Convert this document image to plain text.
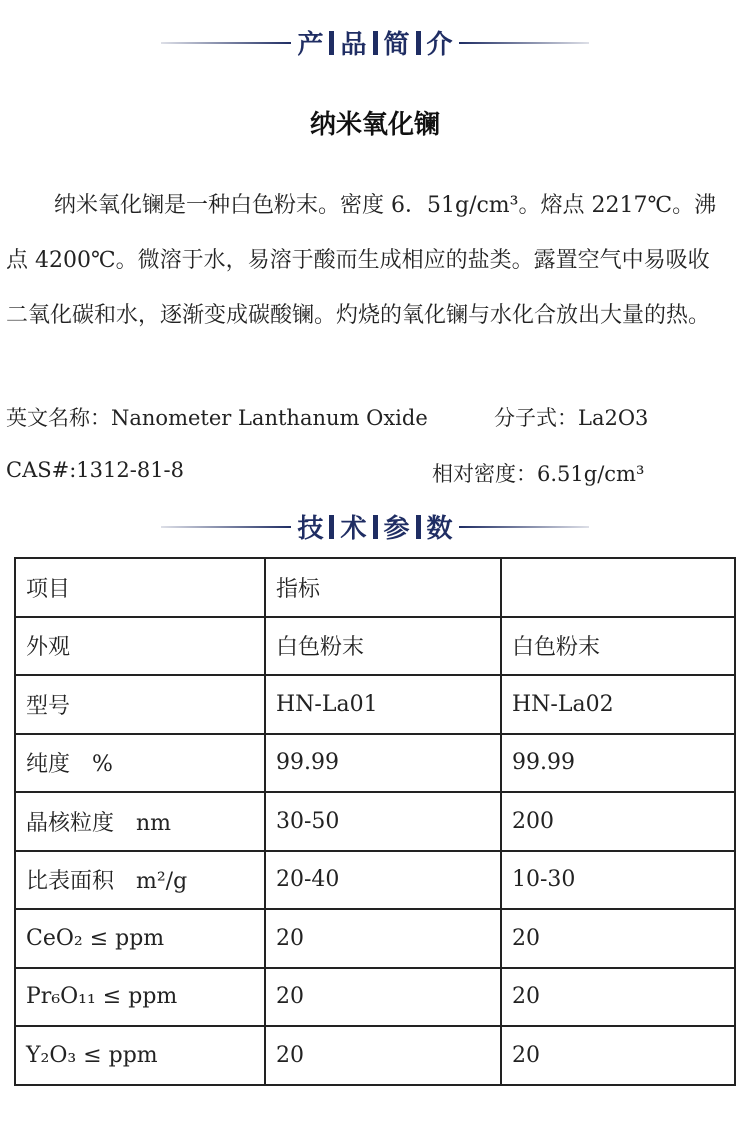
产 品 简 介
纳米氧化镧

纳米氧化镧是一种白色粉末。密度 6．51g/cm³。熔点 2217℃。沸点 4200℃。微溶于水，易溶于酸而生成相应的盐类。露置空气中易吸收二氧化碳和水，逐渐变成碳酸镧。灼烧的氧化镧与水化合放出大量的热。

英文名称：Nanometer Lanthanum Oxide	分子式：La2O3
CAS#:1312-81-8	相对密度：6.51g/cm³
技 术 参 数
项目	指标	
外观	白色粉末	白色粉末
型号	HN-La01	HN-La02
纯度　%	99.99	99.99
晶核粒度　nm	30-50	200
比表面积　m²/g	20-40	10-30
CeO₂ ≤ ppm	20	20
Pr₆O₁₁ ≤ ppm	20	20
Y₂O₃ ≤ ppm	20	20
